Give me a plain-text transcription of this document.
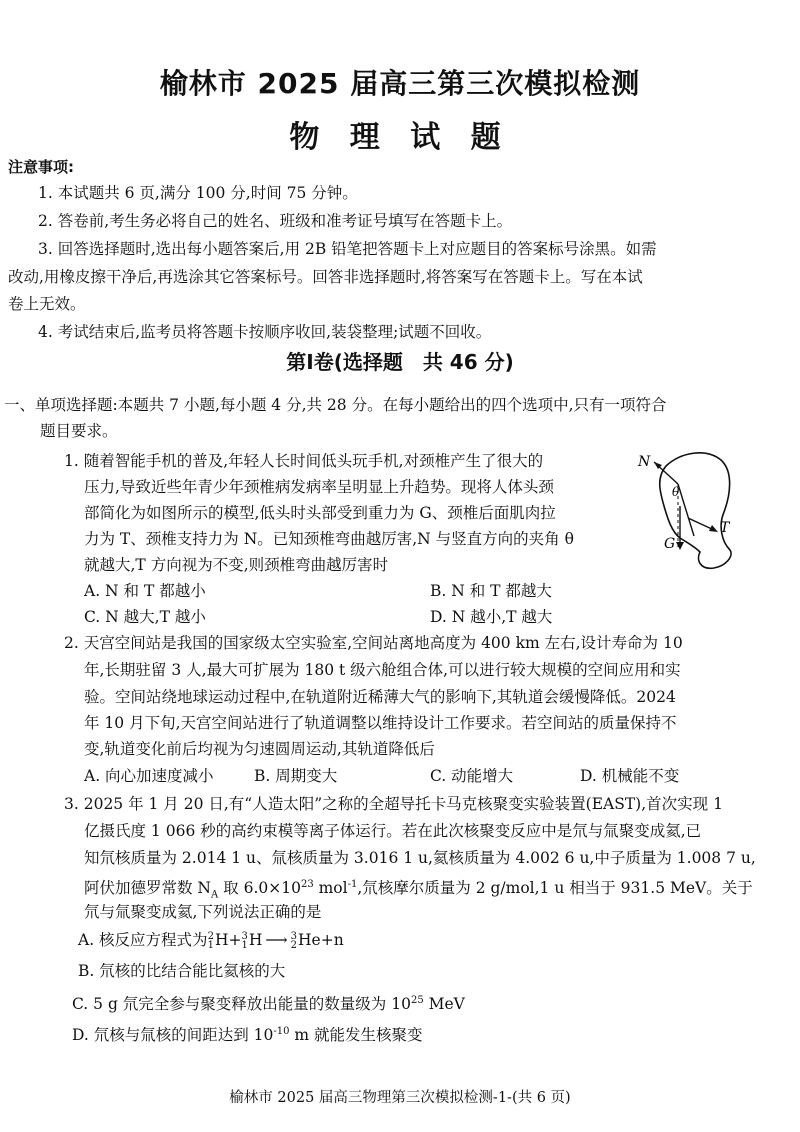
榆林市 2025 届高三第三次模拟检测
物 理 试 题
注意事项:
1. 本试题共 6 页,满分 100 分,时间 75 分钟。
2. 答卷前,考生务必将自己的姓名、班级和准考证号填写在答题卡上。
3. 回答选择题时,选出每小题答案后,用 2B 铅笔把答题卡上对应题目的答案标号涂黑。如需
改动,用橡皮擦干净后,再选涂其它答案标号。回答非选择题时,将答案写在答题卡上。写在本试
卷上无效。
4. 考试结束后,监考员将答题卡按顺序收回,装袋整理;试题不回收。
第Ⅰ卷(选择题　共 46 分)
一、单项选择题:本题共 7 小题,每小题 4 分,共 28 分。在每小题给出的四个选项中,只有一项符合
题目要求。
1. 随着智能手机的普及,年轻人长时间低头玩手机,对颈椎产生了很大的
压力,导致近些年青少年颈椎病发病率呈明显上升趋势。现将人体头颈
部简化为如图所示的模型,低头时头部受到重力为 G、颈椎后面肌肉拉
力为 T、颈椎支持力为 N。已知颈椎弯曲越厉害,N 与竖直方向的夹角 θ
就越大,T 方向视为不变,则颈椎弯曲越厉害时
N
θ
G
T
A. N 和 T 都越小	B. N 和 T 都越大
C. N 越大,T 越小	D. N 越小,T 越大
2. 天宫空间站是我国的国家级太空实验室,空间站离地高度为 400 km 左右,设计寿命为 10
年,长期驻留 3 人,最大可扩展为 180 t 级六舱组合体,可以进行较大规模的空间应用和实
验。空间站绕地球运动过程中,在轨道附近稀薄大气的影响下,其轨道会缓慢降低。2024
年 10 月下旬,天宫空间站进行了轨道调整以维持设计工作要求。若空间站的质量保持不
变,轨道变化前后均视为匀速圆周运动,其轨道降低后
A. 向心加速度减小	B. 周期变大	C. 动能增大	D. 机械能不变
3. 2025 年 1 月 20 日,有“人造太阳”之称的全超导托卡马克核聚变实验装置(EAST),首次实现 1
亿摄氏度 1 066 秒的高约束模等离子体运行。若在此次核聚变反应中是氘与氚聚变成氦,已
知氘核质量为 2.014 1 u、氚核质量为 3.016 1 u,氦核质量为 4.002 6 u,中子质量为 1.008 7 u,
阿伏加德罗常数 $N_A$ 取 $6.0\times 10^{23}$ mol$^{-1}$,氘核摩尔质量为 2 g/mol,1 u 相当于 931.5 MeV。关于
氘与氚聚变成氦,下列说法正确的是
A. 核反应方程式为2
1H+3
1H ⟶ 3
2He+n
B. 氘核的比结合能比氦核的大
C. 5 g 氘完全参与聚变释放出能量的数量级为 $10^{25}$ MeV
D. 氘核与氚核的间距达到 $10^{-10}$ m 就能发生核聚变
榆林市 2025 届高三物理第三次模拟检测-1-(共 6 页)
